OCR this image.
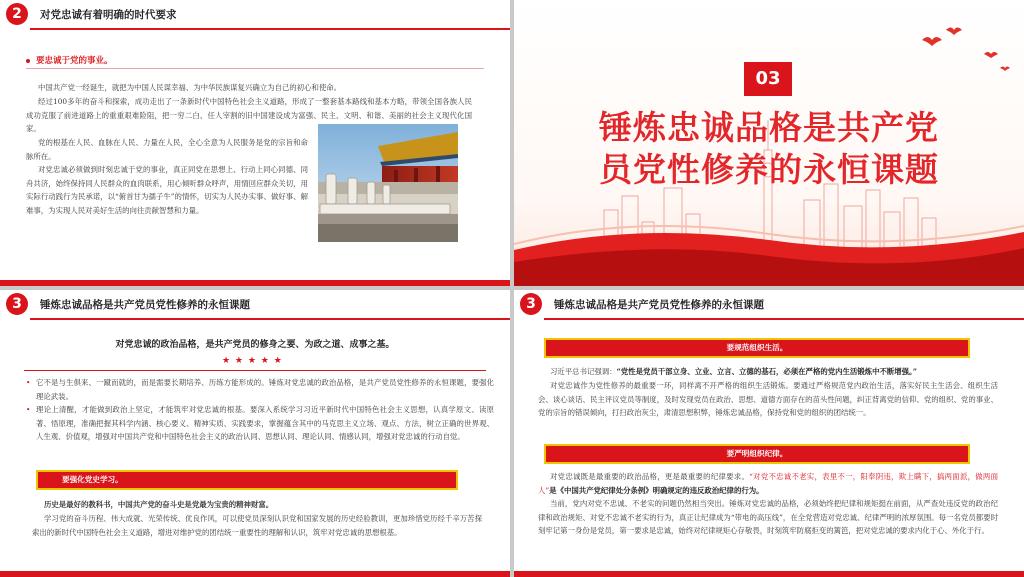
2	对党忠诚有着明确的时代要求
要忠诚于党的事业。
中国共产党一经诞生，就把为中国人民谋幸福、为中华民族谋复兴确立为自己的初心和使命。
经过100多年的奋斗和探索，成功走出了一条新时代中国特色社会主义道路，形成了一整套基本路线和基本方略，带领全国各族人民成功克服了前进道路上的重重艰难险阻，把一穷二白、任人宰割的旧中国建设成为富强、民主、文明、和谐、美丽的社会主义现代化国家。
党的根基在人民、血脉在人民、力量在人民，全心全意为人民服务是党的宗旨和命脉所在。
对党忠诚必须做到时刻忠诚于党的事业，真正同党在思想上、行动上同心同德、同舟共济，始终保持同人民群众的血肉联系，用心倾听群众呼声，用情回应群众关切，用实际行动践行为民承诺，以“俯首甘为孺子牛”的情怀，切实为人民办实事、做好事、解难事，为实现人民对美好生活的向往贡献智慧和力量。
03
锤炼忠诚品格是共产党
员党性修养的永恒课题
3	锤炼忠诚品格是共产党员党性修养的永恒课题
对党忠诚的政治品格，是共产党员的修身之要、为政之道、成事之基。
★ ★ ★ ★ ★
• 它不是与生俱来、一蹴而就的，而是需要长期培养、历练方能形成的。锤炼对党忠诚的政治品格，是共产党员党性修养的永恒课题，要强化理论武装。
• 理论上清醒，才能做到政治上坚定，才能筑牢对党忠诚的根基。要深入系统学习习近平新时代中国特色社会主义思想，认真学原文、读原著、悟原理，准确把握其科学内涵、核心要义、精神实质、实践要求，掌握蕴含其中的马克思主义立场、观点、方法，树立正确的世界观、人生观、价值观，增强对中国共产党和中国特色社会主义的政治认同、思想认同、理论认同、情感认同，增强对党忠诚的行动自觉。
要强化党史学习。
历史是最好的教科书，中国共产党的奋斗史是党最为宝贵的精神财富。
学习党的奋斗历程、伟大成就、光荣传统、优良作风，可以使党员深刻认识党和国家发展的历史经验教训，更加珍惜党历经千辛万苦探索出的新时代中国特色社会主义道路，增进对维护党的团结统一重要性的理解和认识，筑牢对党忠诚的思想根基。
3	锤炼忠诚品格是共产党员党性修养的永恒课题
要规范组织生活。
习近平总书记强调：“党性是党员干部立身、立业、立言、立德的基石，必须在严格的党内生活锻炼中不断增强。”
对党忠诚作为党性修养的最重要一环，同样离不开严格的组织生活锻炼。要通过严格规范党内政治生活，落实好民主生活会、组织生活会、谈心谈话、民主评议党员等制度，及时发现党员在政治、思想、道德方面存在的苗头性问题，纠正背离党的信仰、党的组织、党的事业、党的宗旨的错误倾向，打扫政治灰尘，肃清思想积弊，锤炼忠诚品格，保持党和党的组织的团结统一。
要严明组织纪律。
对党忠诚既是最重要的政治品格，更是最重要的纪律要求。“对党不忠诚不老实，表里不一，阳奉阴违，欺上瞒下，搞两面派，做两面人”是《中国共产党纪律处分条例》明确规定的违反政治纪律的行为。
当前，党内对党不忠诚、不老实的问题仍然相当突出。锤炼对党忠诚的品格，必须始终把纪律和规矩挺在前面，从严查处违反党的政治纪律和政治规矩、对党不忠诚不老实的行为，真正让纪律成为“带电的高压线”，在全党营造对党忠诚、纪律严明的浓厚氛围。每一名党员都要时刻牢记第一身份是党员，第一要求是忠诚，始终对纪律规矩心存敬畏，时刻筑牢防腐拒变的篱笆，把对党忠诚的要求内化于心、外化于行。
